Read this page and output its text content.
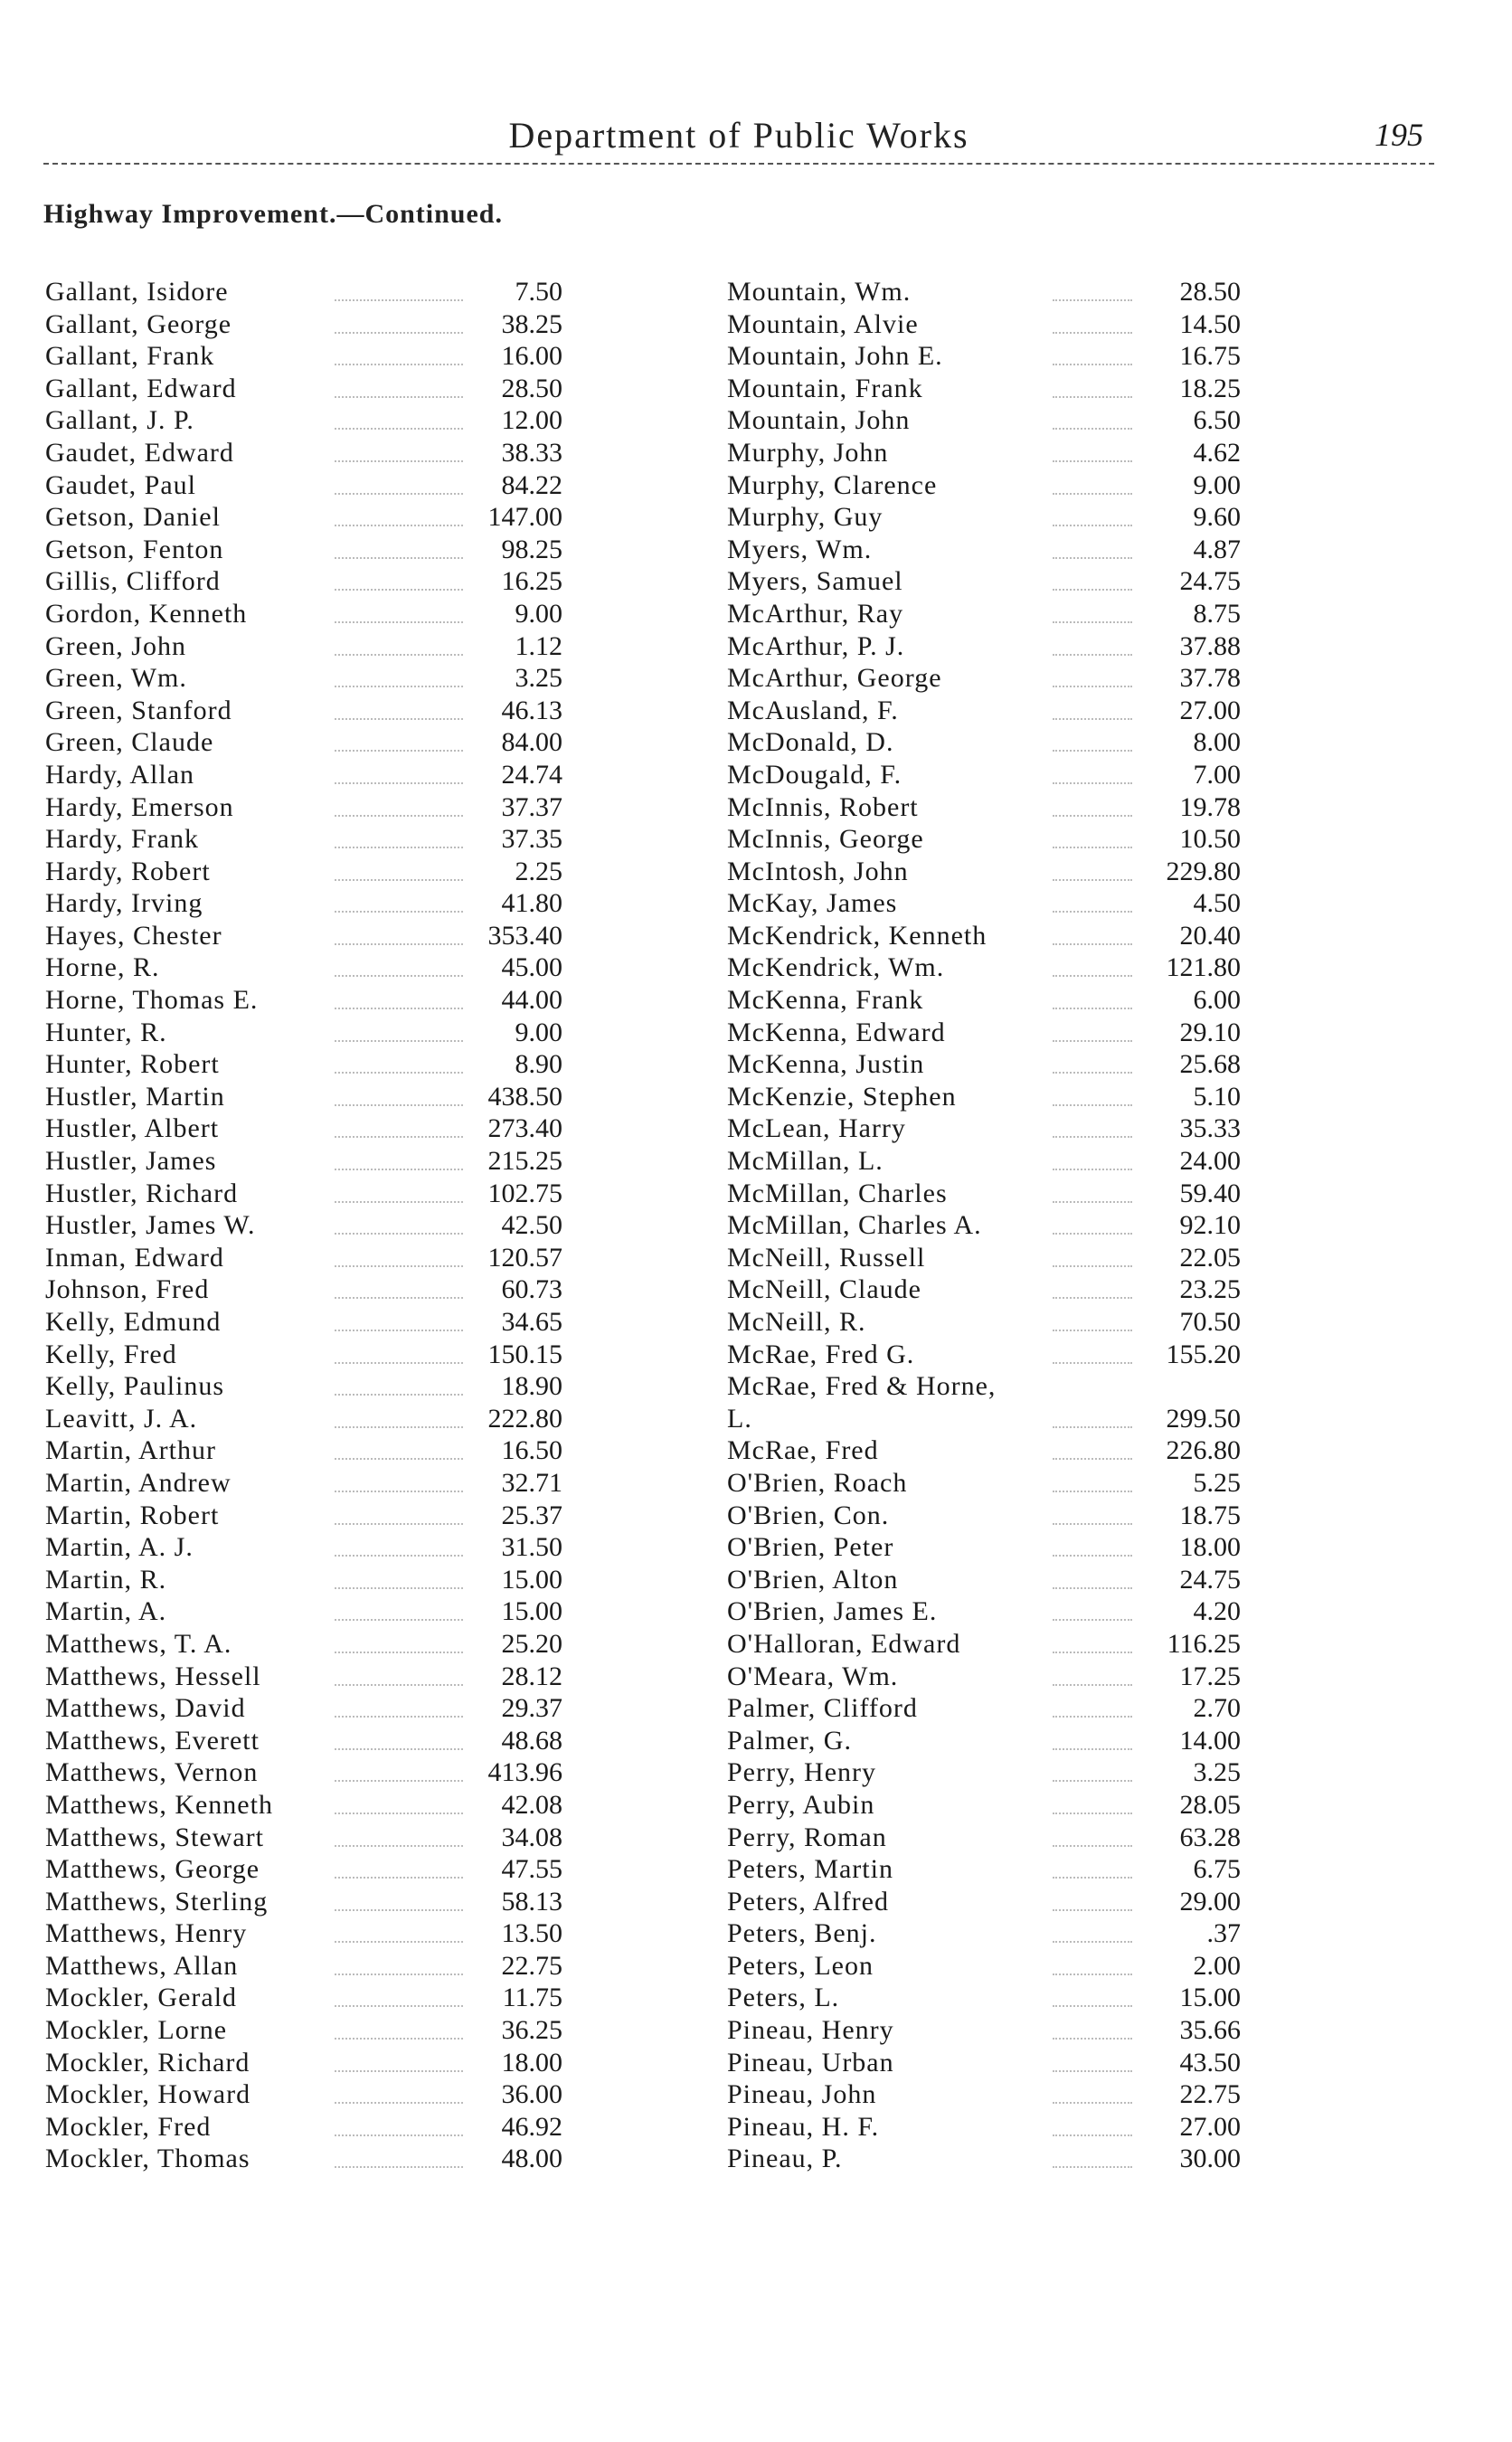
Department of Public Works	195
Highway Improvement.—Continued.
Gallant, Isidore	7.50
Gallant, George	38.25
Gallant, Frank	16.00
Gallant, Edward	28.50
Gallant, J. P.	12.00
Gaudet, Edward	38.33
Gaudet, Paul	84.22
Getson, Daniel	147.00
Getson, Fenton	98.25
Gillis, Clifford	16.25
Gordon, Kenneth	9.00
Green, John	1.12
Green, Wm.	3.25
Green, Stanford	46.13
Green, Claude	84.00
Hardy, Allan	24.74
Hardy, Emerson	37.37
Hardy, Frank	37.35
Hardy, Robert	2.25
Hardy, Irving	41.80
Hayes, Chester	353.40
Horne, R.	45.00
Horne, Thomas E.	44.00
Hunter, R.	9.00
Hunter, Robert	8.90
Hustler, Martin	438.50
Hustler, Albert	273.40
Hustler, James	215.25
Hustler, Richard	102.75
Hustler, James W.	42.50
Inman, Edward	120.57
Johnson, Fred	60.73
Kelly, Edmund	34.65
Kelly, Fred	150.15
Kelly, Paulinus	18.90
Leavitt, J. A.	222.80
Martin, Arthur	16.50
Martin, Andrew	32.71
Martin, Robert	25.37
Martin, A. J.	31.50
Martin, R.	15.00
Martin, A.	15.00
Matthews, T. A.	25.20
Matthews, Hessell	28.12
Matthews, David	29.37
Matthews, Everett	48.68
Matthews, Vernon	413.96
Matthews, Kenneth	42.08
Matthews, Stewart	34.08
Matthews, George	47.55
Matthews, Sterling	58.13
Matthews, Henry	13.50
Matthews, Allan	22.75
Mockler, Gerald	11.75
Mockler, Lorne	36.25
Mockler, Richard	18.00
Mockler, Howard	36.00
Mockler, Fred	46.92
Mockler, Thomas	48.00
Mountain, Wm.	28.50
Mountain, Alvie	14.50
Mountain, John E.	16.75
Mountain, Frank	18.25
Mountain, John	6.50
Murphy, John	4.62
Murphy, Clarence	9.00
Murphy, Guy	9.60
Myers, Wm.	4.87
Myers, Samuel	24.75
McArthur, Ray	8.75
McArthur, P. J.	37.88
McArthur, George	37.78
McAusland, F.	27.00
McDonald, D.	8.00
McDougald, F.	7.00
McInnis, Robert	19.78
McInnis, George	10.50
McIntosh, John	229.80
McKay, James	4.50
McKendrick, Kenneth	20.40
McKendrick, Wm.	121.80
McKenna, Frank	6.00
McKenna, Edward	29.10
McKenna, Justin	25.68
McKenzie, Stephen	5.10
McLean, Harry	35.33
McMillan, L.	24.00
McMillan, Charles	59.40
McMillan, Charles A.	92.10
McNeill, Russell	22.05
McNeill, Claude	23.25
McNeill, R.	70.50
McRae, Fred G.	155.20
McRae, Fred & Horne,
L.	299.50
McRae, Fred	226.80
O'Brien, Roach	5.25
O'Brien, Con.	18.75
O'Brien, Peter	18.00
O'Brien, Alton	24.75
O'Brien, James E.	4.20
O'Halloran, Edward	116.25
O'Meara, Wm.	17.25
Palmer, Clifford	2.70
Palmer, G.	14.00
Perry, Henry	3.25
Perry, Aubin	28.05
Perry, Roman	63.28
Peters, Martin	6.75
Peters, Alfred	29.00
Peters, Benj.	.37
Peters, Leon	2.00
Peters, L.	15.00
Pineau, Henry	35.66
Pineau, Urban	43.50
Pineau, John	22.75
Pineau, H. F.	27.00
Pineau, P.	30.00
